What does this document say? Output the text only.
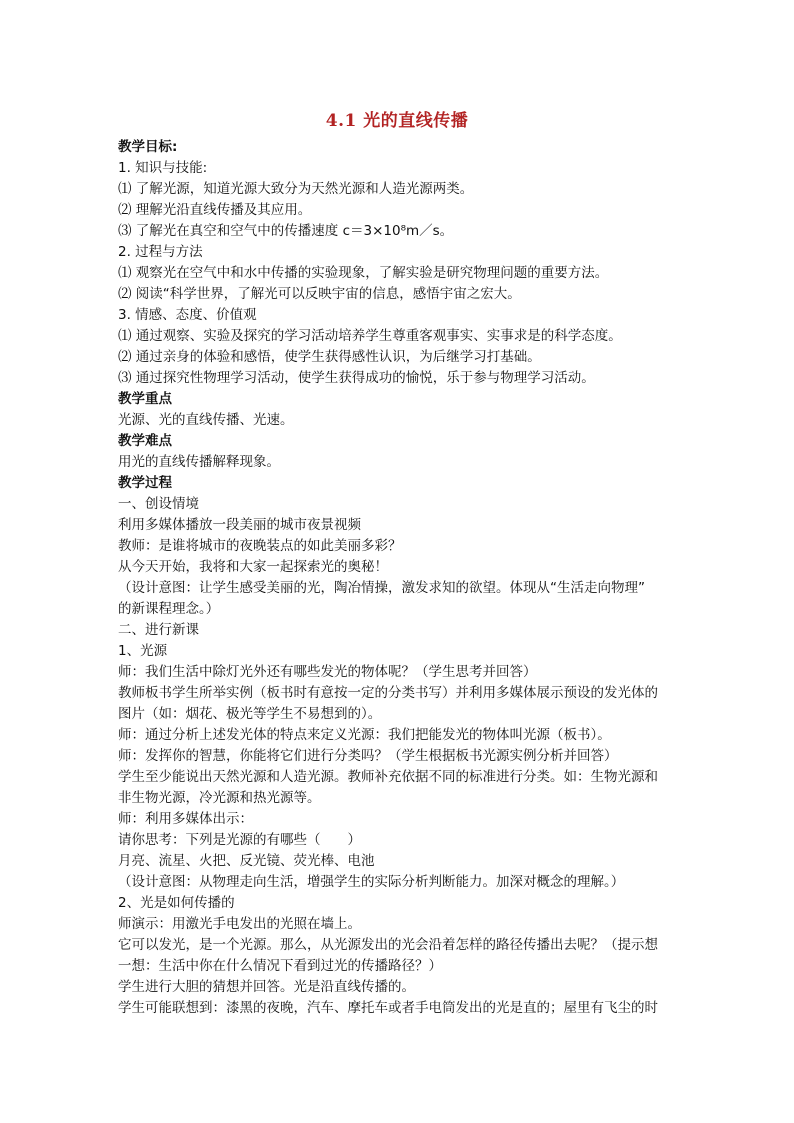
4.1 光的直线传播
教学目标:
1. 知识与技能:
⑴ 了解光源，知道光源大致分为天然光源和人造光源两类。
⑵ 理解光沿直线传播及其应用。
⑶ 了解光在真空和空气中的传播速度 c＝3×10⁸m／s。
2. 过程与方法
⑴ 观察光在空气中和水中传播的实验现象，了解实验是研究物理问题的重要方法。
⑵ 阅读“科学世界，了解光可以反映宇宙的信息，感悟宇宙之宏大。
3. 情感、态度、价值观
⑴ 通过观察、实验及探究的学习活动培养学生尊重客观事实、实事求是的科学态度。
⑵ 通过亲身的体验和感悟，使学生获得感性认识，为后继学习打基础。
⑶ 通过探究性物理学习活动，使学生获得成功的愉悦，乐于参与物理学习活动。
教学重点
光源、光的直线传播、光速。
教学难点
用光的直线传播解释现象。
教学过程
一、创设情境
利用多媒体播放一段美丽的城市夜景视频
教师：是谁将城市的夜晚装点的如此美丽多彩？
从今天开始，我将和大家一起探索光的奥秘！
（设计意图：让学生感受美丽的光，陶冶情操，激发求知的欲望。体现从“生活走向物理”
的新课程理念。）
二、进行新课
1、光源
师：我们生活中除灯光外还有哪些发光的物体呢？（学生思考并回答）
教师板书学生所举实例（板书时有意按一定的分类书写）并利用多媒体展示预设的发光体的
图片（如：烟花、极光等学生不易想到的）。
师：通过分析上述发光体的特点来定义光源：我们把能发光的物体叫光源（板书）。
师：发挥你的智慧，你能将它们进行分类吗？（学生根据板书光源实例分析并回答）
学生至少能说出天然光源和人造光源。教师补充依据不同的标准进行分类。如：生物光源和
非生物光源，冷光源和热光源等。
师：利用多媒体出示：
请你思考：下列是光源的有哪些（　　）
月亮、流星、火把、反光镜、荧光棒、电池
（设计意图：从物理走向生活，增强学生的实际分析判断能力。加深对概念的理解。）
2、光是如何传播的
师演示：用激光手电发出的光照在墙上。
它可以发光，是一个光源。那么，从光源发出的光会沿着怎样的路径传播出去呢？（提示想
一想：生活中你在什么情况下看到过光的传播路径？）
学生进行大胆的猜想并回答。光是沿直线传播的。
学生可能联想到：漆黑的夜晚，汽车、摩托车或者手电筒发出的光是直的；屋里有飞尘的时
